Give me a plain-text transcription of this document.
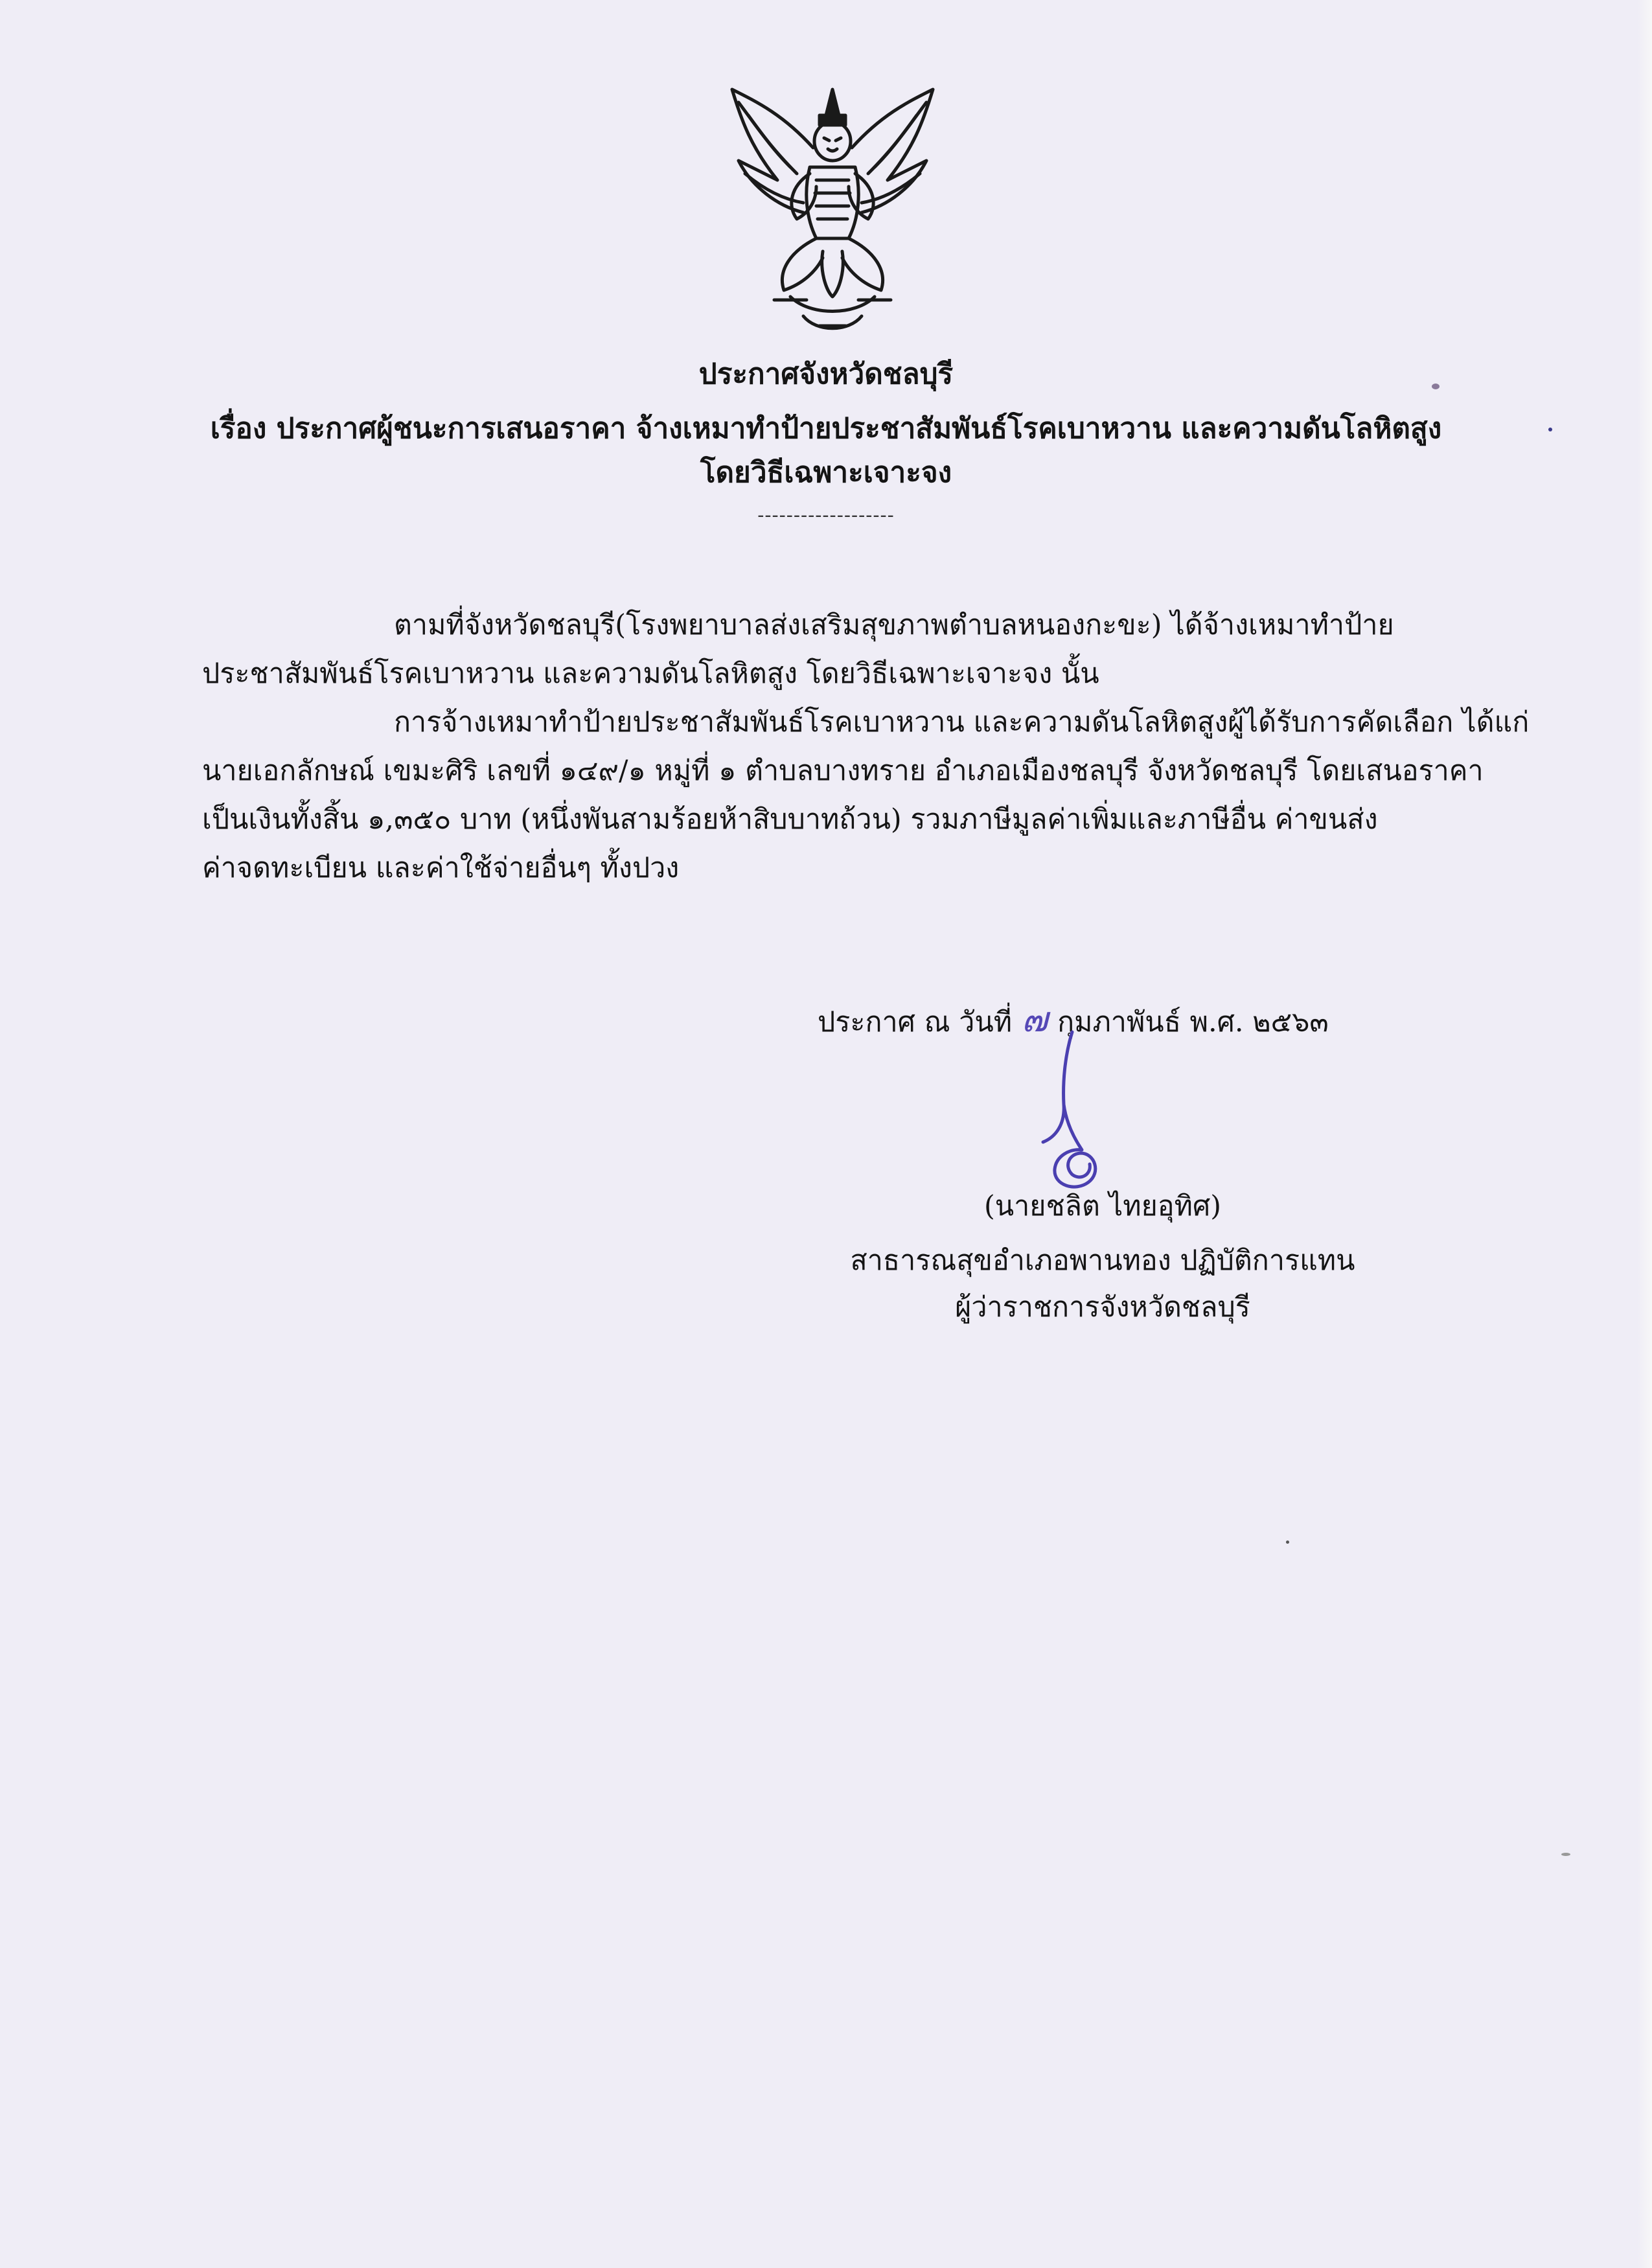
ประกาศจังหวัดชลบุรี
เรื่อง ประกาศผู้ชนะการเสนอราคา จ้างเหมาทำป้ายประชาสัมพันธ์โรคเบาหวาน และความดันโลหิตสูง
โดยวิธีเฉพาะเจาะจง
-------------------
ตามที่จังหวัดชลบุรี(โรงพยาบาลส่งเสริมสุขภาพตำบลหนองกะขะ) ได้จ้างเหมาทำป้าย
ประชาสัมพันธ์โรคเบาหวาน และความดันโลหิตสูง โดยวิธีเฉพาะเจาะจง นั้น
การจ้างเหมาทำป้ายประชาสัมพันธ์โรคเบาหวาน และความดันโลหิตสูงผู้ได้รับการคัดเลือก ได้แก่
นายเอกลักษณ์ เขมะศิริ เลขที่ ๑๔๙/๑ หมู่ที่ ๑ ตำบลบางทราย อำเภอเมืองชลบุรี จังหวัดชลบุรี โดยเสนอราคา
เป็นเงินทั้งสิ้น ๑,๓๕๐ บาท (หนึ่งพันสามร้อยห้าสิบบาทถ้วน) รวมภาษีมูลค่าเพิ่มและภาษีอื่น ค่าขนส่ง
ค่าจดทะเบียน และค่าใช้จ่ายอื่นๆ ทั้งปวง
ประกาศ ณ วันที่ ๗ กุมภาพันธ์ พ.ศ. ๒๕๖๓
(นายชลิต ไทยอุทิศ)
สาธารณสุขอำเภอพานทอง ปฏิบัติการแทน
ผู้ว่าราชการจังหวัดชลบุรี
